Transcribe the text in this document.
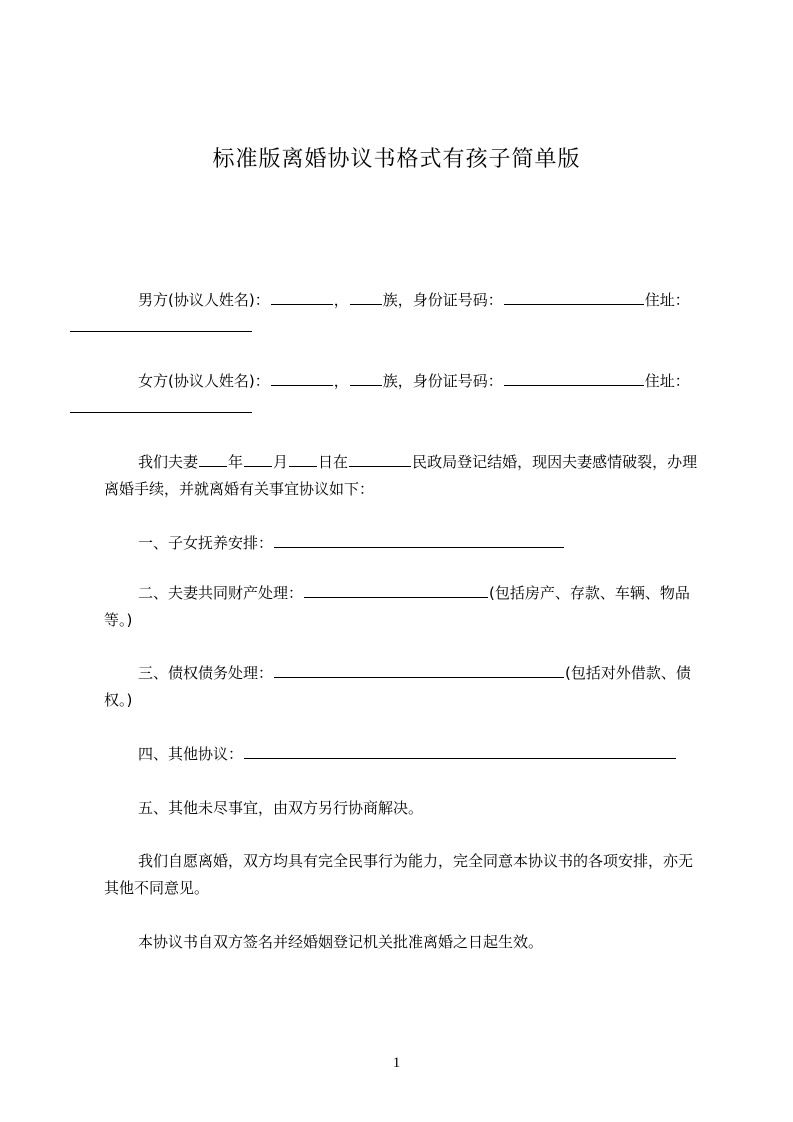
标准版离婚协议书格式有孩子简单版

男方(协议人姓名)：	， 族，身份证号码：	住址：

女方(协议人姓名)：	， 族，身份证号码：	住址：

我们夫妻 年 月 日在	民政局登记结婚，现因夫妻感情破裂，办理离婚手续，并就离婚有关事宜协议如下：

一、子女抚养安排：

二、夫妻共同财产处理：	(包括房产、存款、车辆、物品等。)

三、债权债务处理：	(包括对外借款、债权。)

四、其他协议：

五、其他未尽事宜，由双方另行协商解决。

我们自愿离婚，双方均具有完全民事行为能力，完全同意本协议书的各项安排，亦无其他不同意见。

本协议书自双方签名并经婚姻登记机关批准离婚之日起生效。

1
